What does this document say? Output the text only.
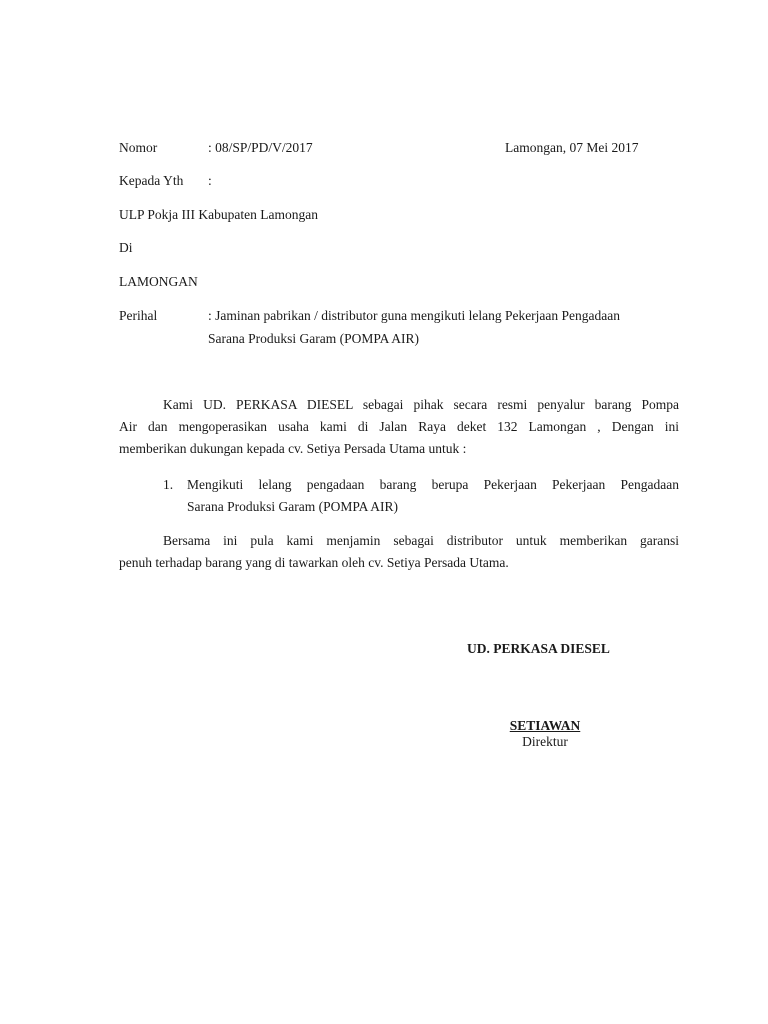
Nomor	: 08/SP/PD/V/2017	Lamongan, 07 Mei 2017
Kepada Yth :
ULP Pokja III Kabupaten Lamongan
Di
LAMONGAN
Perihal	: Jaminan pabrikan / distributor guna mengikuti lelang Pekerjaan Pengadaan
Sarana Produksi Garam (POMPA AIR)
Kami UD. PERKASA DIESEL sebagai pihak secara resmi penyalur barang Pompa
Air dan mengoperasikan usaha kami di Jalan Raya deket 132 Lamongan , Dengan ini
memberikan dukungan kepada cv. Setiya Persada Utama untuk :
1. Mengikuti lelang pengadaan barang berupa Pekerjaan Pekerjaan Pengadaan
Sarana Produksi Garam (POMPA AIR)
Bersama ini pula kami menjamin sebagai distributor untuk memberikan garansi
penuh terhadap barang yang di tawarkan oleh cv. Setiya Persada Utama.
UD. PERKASA DIESEL
SETIAWAN
Direktur
